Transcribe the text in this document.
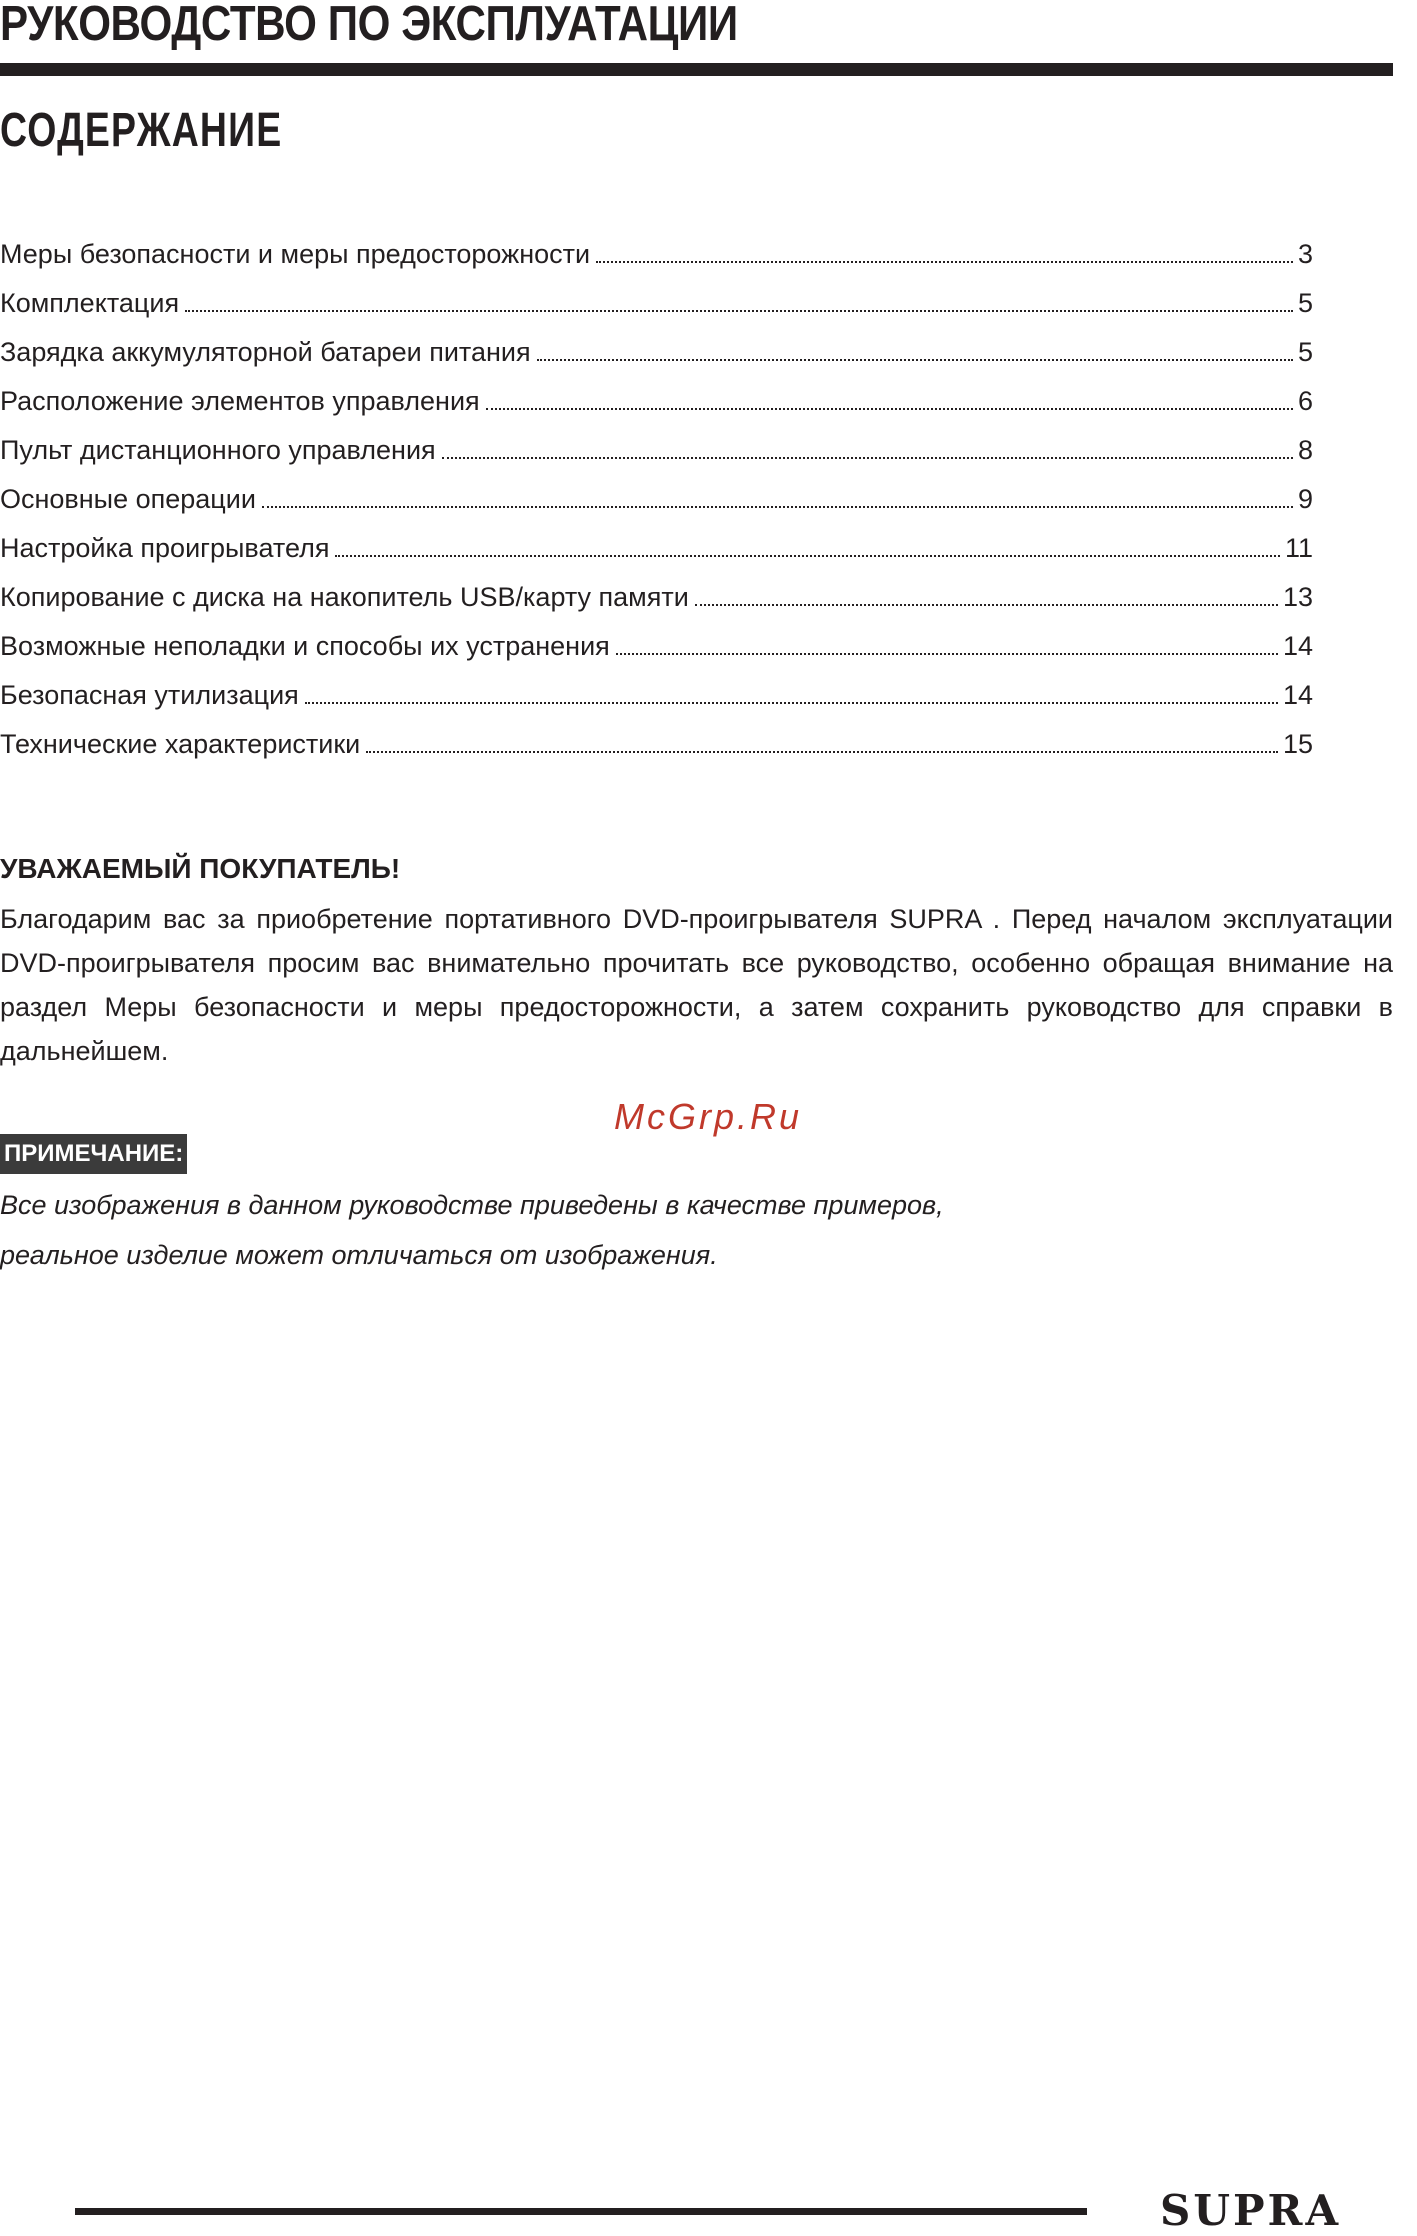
РУКОВОДСТВО ПО ЭКСПЛУАТАЦИИ
СОДЕРЖАНИЕ
Меры безопасности и меры предосторожности	3
Комплектация	5
Зарядка аккумуляторной батареи питания	5
Расположение элементов управления	6
Пульт дистанционного управления	8
Основные операции	9
Настройка проигрывателя	11
Копирование с диска на накопитель USB/карту памяти	13
Возможные неполадки и способы их устранения	14
Безопасная утилизация	14
Технические характеристики	15
УВАЖАЕМЫЙ ПОКУПАТЕЛЬ!

Благодарим вас за приобретение портативного DVD-проигрывателя SUPRA . Перед началом эксплуатации DVD-проигрывателя просим вас внимательно прочитать все руководство, особенно обращая внимание на раздел Меры безопасности и меры предосторожности, а затем сохранить руководство для справки в дальнейшем.

McGrp.Ru
ПРИМЕЧАНИЕ:
Все изображения в данном руководстве приведены в качестве примеров,
реальное изделие может отличаться от изображения.
SUPRA
